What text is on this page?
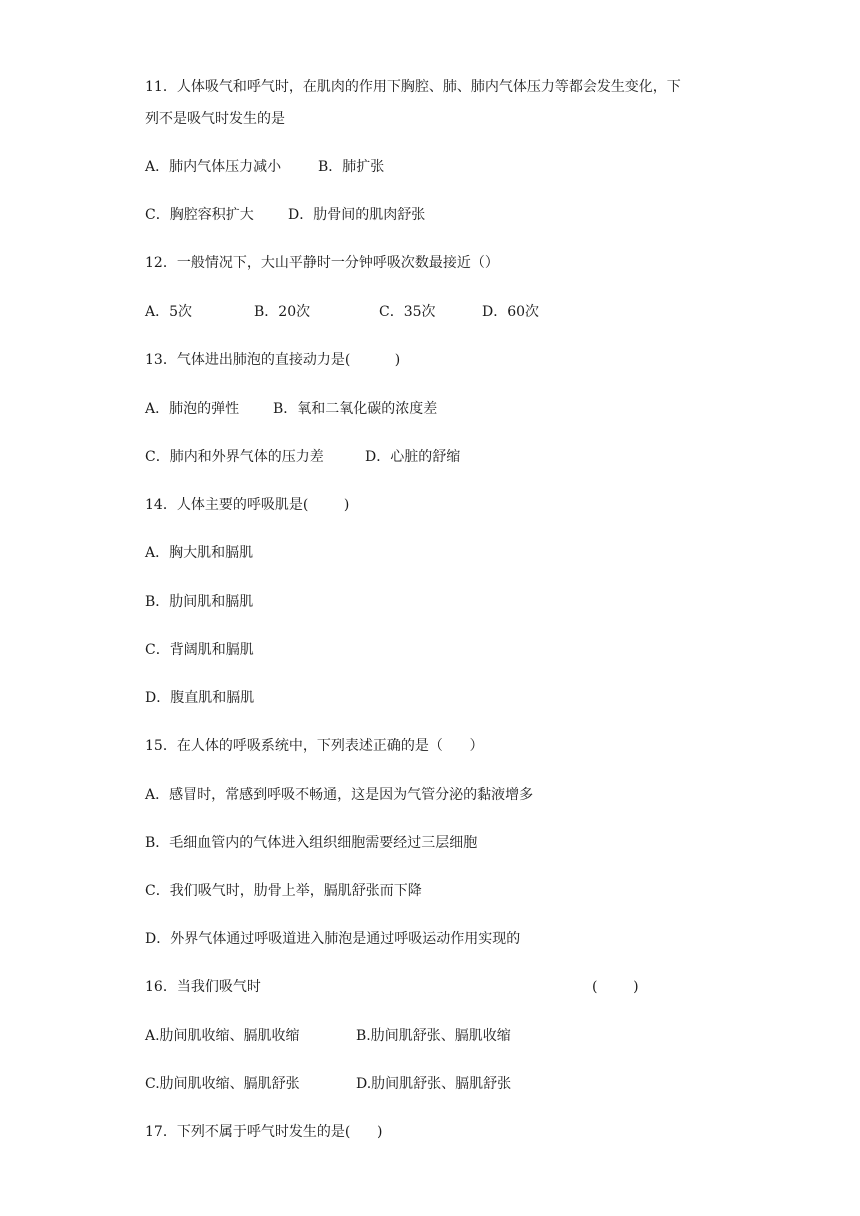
11．人体吸气和呼气时，在肌肉的作用下胸腔、肺、肺内气体压力等都会发生变化，下
列不是吸气时发生的是
A．肺内气体压力减小	B．肺扩张
C．胸腔容积扩大 D．肋骨间的肌肉舒张
12．一般情况下，大山平静时一分钟呼吸次数最接近（）
A．5次	B．20次	C．35次	D．60次
13．气体进出肺泡的直接动力是(          )
A．肺泡的弹性 B．氧和二氧化碳的浓度差
C．肺内和外界气体的压力差	D．心脏的舒缩
14．人体主要的呼吸肌是(        )
A．胸大肌和膈肌
B．肋间肌和膈肌
C．背阔肌和膈肌
D．腹直肌和膈肌
15．在人体的呼吸系统中，下列表述正确的是（      ）
A．感冒时，常感到呼吸不畅通，这是因为气管分泌的黏液增多
B．毛细血管内的气体进入组织细胞需要经过三层细胞
C．我们吸气时，肋骨上举，膈肌舒张而下降
D．外界气体通过呼吸道进入肺泡是通过呼吸运动作用实现的
16．当我们吸气时	(        )
A.肋间肌收缩、膈肌收缩	B.肋间肌舒张、膈肌收缩
C.肋间肌收缩、膈肌舒张	D.肋间肌舒张、膈肌舒张
17．下列不属于呼气时发生的是(      )
